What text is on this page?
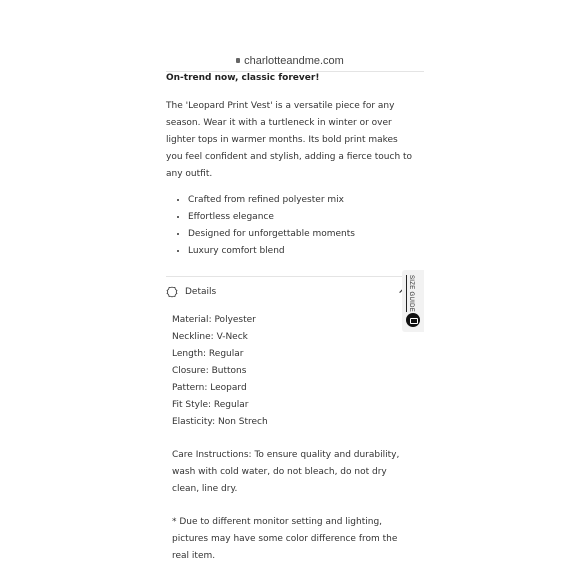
charlotteandme.com

On-trend now, classic forever!

The 'Leopard Print Vest' is a versatile piece for any season. Wear it with a turtleneck in winter or over lighter tops in warmer months. Its bold print makes you feel confident and stylish, adding a fierce touch to any outfit.

• Crafted from refined polyester mix
• Effortless elegance
• Designed for unforgettable moments
• Luxury comfort blend
Details

Material: Polyester

Neckline: V-Neck

Length: Regular

Closure: Buttons

Pattern: Leopard

Fit Style: Regular

Elasticity: Non Strech

Care Instructions: To ensure quality and durability, wash with cold water, do not bleach, do not dry clean, line dry.

* Due to different monitor setting and lighting, pictures may have some color difference from the real item.

SIZE GUIDE
